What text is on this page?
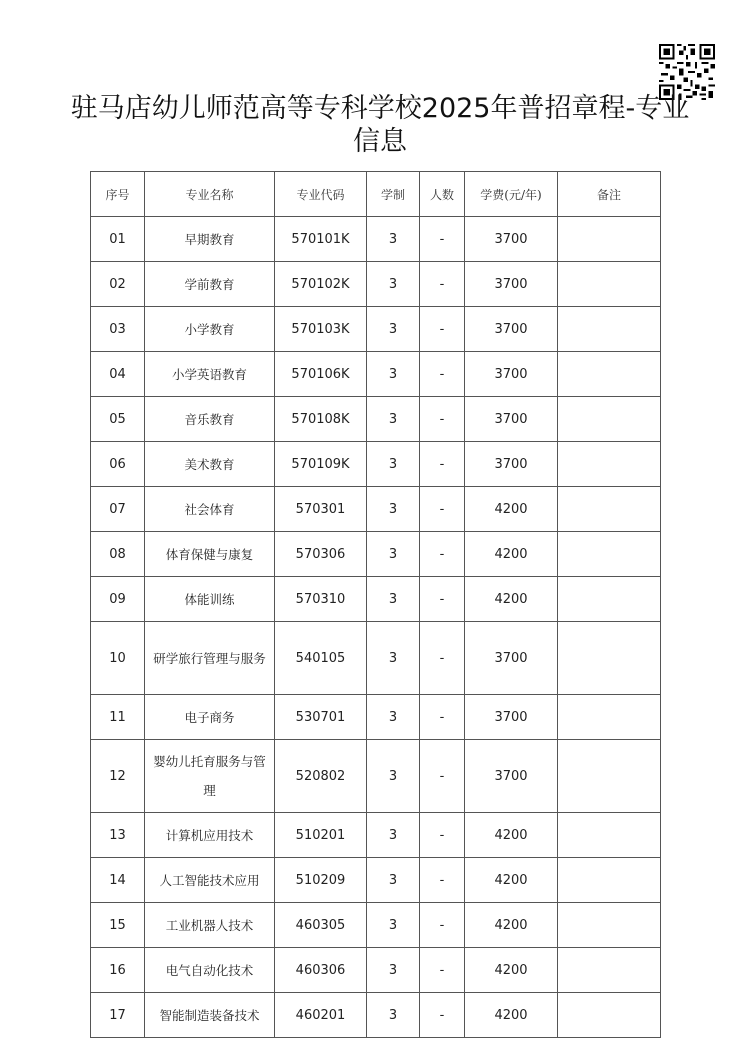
驻马店幼儿师范高等专科学校2025年普招章程-专业信息
序号	专业名称	专业代码	学制	人数	学费(元/年)	备注
01	早期教育	570101K	3	-	3700	
02	学前教育	570102K	3	-	3700	
03	小学教育	570103K	3	-	3700	
04	小学英语教育	570106K	3	-	3700	
05	音乐教育	570108K	3	-	3700	
06	美术教育	570109K	3	-	3700	
07	社会体育	570301	3	-	4200	
08	体育保健与康复	570306	3	-	4200	
09	体能训练	570310	3	-	4200	
10	研学旅行管理与服务	540105	3	-	3700	
11	电子商务	530701	3	-	3700	
12	婴幼儿托育服务与管理	520802	3	-	3700	
13	计算机应用技术	510201	3	-	4200	
14	人工智能技术应用	510209	3	-	4200	
15	工业机器人技术	460305	3	-	4200	
16	电气自动化技术	460306	3	-	4200	
17	智能制造装备技术	460201	3	-	4200	
